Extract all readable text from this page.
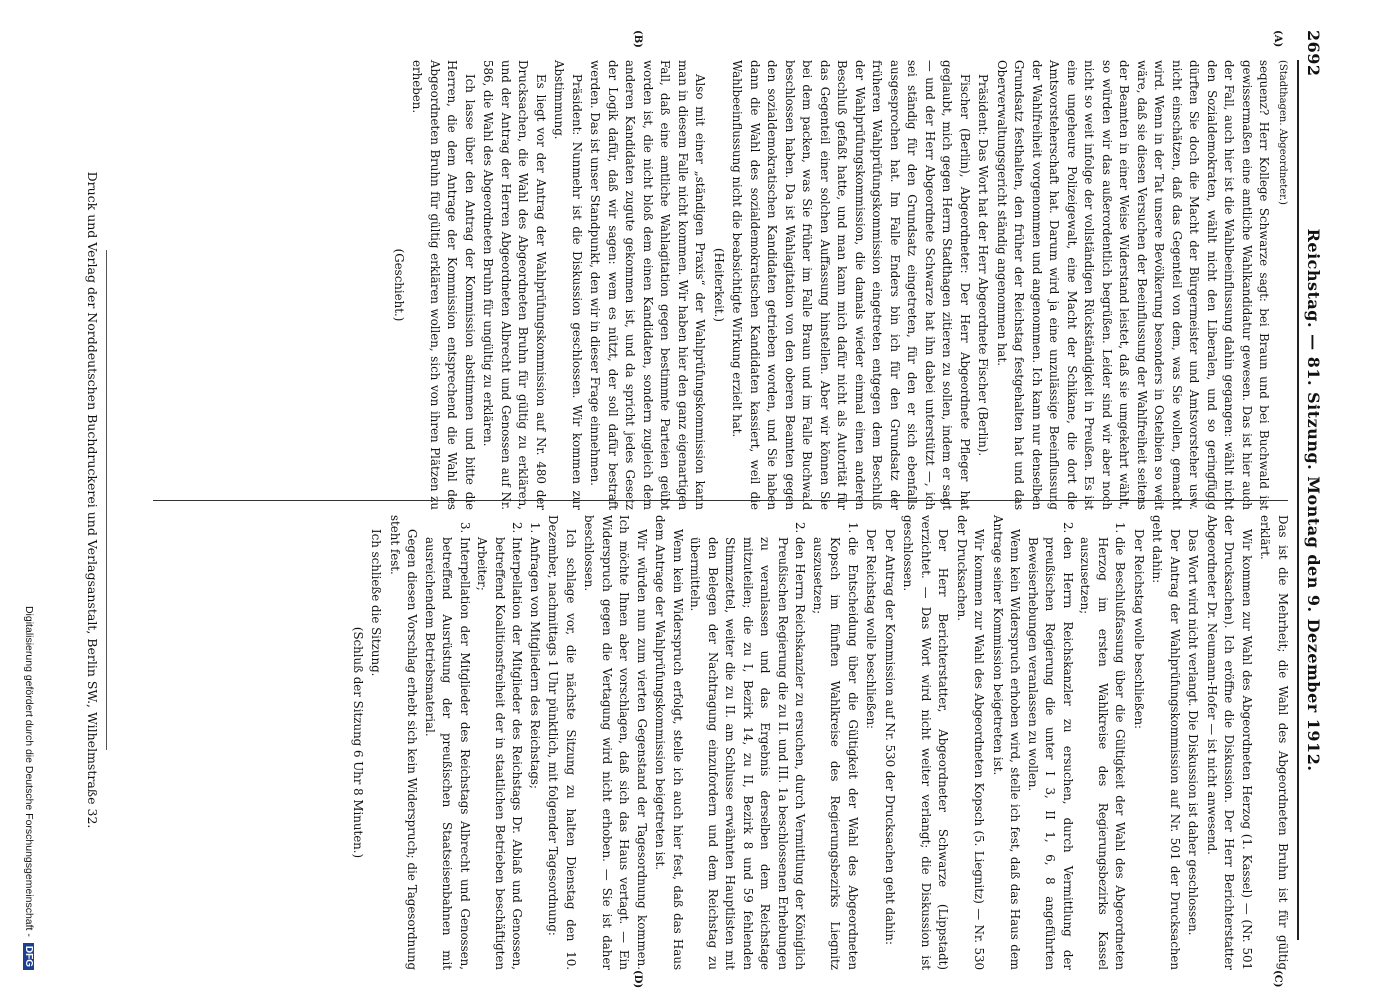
2692
Reichstag. — 81. Sitzung. Montag den 9. Dezember 1912.
(A)
(B)
(C)
(D)

(Stadthagen. Abgeordneter.)

sequenz? Herr Kollege Schwarze sagt: bei Braun und bei Buchwald ist gewissermaßen eine amtliche Wahlkandidatur gewesen. Das ist hier auch der Fall, auch hier ist die Wahlbeeinflussung dahin gegangen: wählt nicht den Sozialdemokraten, wählt nicht den Liberalen, und so geringfügig dürften Sie doch die Macht der Bürgermeister und Amtsvorsteher usw. nicht einschätzen, daß das Gegenteil von dem, was Sie wollen, gemacht wird. Wenn in der Tat unsere Bevölkerung besonders in Ostelbien so weit wäre, daß sie diesen Versuchen der Beeinflussung der Wahlfreiheit seitens der Beamten in einer Weise Widerstand leistet, daß sie umgekehrt wählt, so würden wir das außerordentlich begrüßen. Leider sind wir aber noch nicht so weit infolge der vollständigen Rückständigkeit in Preußen. Es ist eine ungeheure Polizeigewalt, eine Macht der Schikane, die dort die Amtsvorsteherschaft hat. Darum wird ja eine unzulässige Beeinflussung der Wahlfreiheit vorgenommen und angenommen. Ich kann nur denselben Grundsatz festhalten, den früher der Reichstag festgehalten hat und das Oberverwaltungsgericht ständig angenommen hat.

Präsident: Das Wort hat der Herr Abgeordnete Fischer (Berlin).

Fischer (Berlin), Abgeordneter: Der Herr Abgeordnete Pfleger hat geglaubt, mich gegen Herrn Stadthagen zitieren zu sollen, indem er sagt — und der Herr Abgeordnete Schwarze hat ihn dabei unterstützt —, ich sei ständig für den Grundsatz eingetreten, für den er sich ebenfalls ausgesprochen hat. Im Falle Enders bin ich für den Grundsatz der früheren Wahlprüfungskommission eingetreten entgegen dem Beschluß der Wahlprüfungskommission, die damals wieder einmal einen anderen Beschluß gefaßt hatte, und man kann mich dafür nicht als Autorität für das Gegenteil einer solchen Auffassung hinstellen. Aber wir können Sie bei dem packen, was Sie früher im Falle Braun und im Falle Buchwald beschlossen haben. Da ist Wahlagitation von den oberen Beamten gegen den sozialdemokratischen Kandidaten getrieben worden, und Sie haben dann die Wahl des sozialdemokratischen Kandidaten kassiert, weil die Wahlbeeinflussung nicht die beabsichtigte Wirkung erzielt hat.

(Heiterkeit.)

Also mit einer „ständigen Praxis“ der Wahlprüfungskommission kann man in diesem Falle nicht kommen. Wir haben hier den ganz eigenartigen Fall, daß eine amtliche Wahlagitation gegen bestimmte Parteien geübt worden ist, die nicht bloß dem einen Kandidaten, sondern zugleich dem anderen Kandidaten zugute gekommen ist, und da spricht jedes Gesetz der Logik dafür, daß wir sagen: wem es nützt, der soll dafür bestraft werden. Das ist unser Standpunkt, den wir in dieser Frage einnehmen.

Präsident: Nunmehr ist die Diskussion geschlossen. Wir kommen zur Abstimmung.

Es liegt vor der Antrag der Wahlprüfungskommission auf Nr. 480 der Drucksachen, die Wahl des Abgeordneten Bruhn für gültig zu erklären, und der Antrag der Herren Abgeordneten Albrecht und Genossen auf Nr. 586, die Wahl des Abgeordneten Bruhn für ungültig zu erklären.

Ich lasse über den Antrag der Kommission abstimmen und bitte die Herren, die dem Antrage der Kommission entsprechend die Wahl des Abgeordneten Bruhn für gültig erklären wollen, sich von ihren Plätzen zu erheben.

(Geschieht.)

Das ist die Mehrheit; die Wahl des Abgeordneten Bruhn ist für gültig erklärt.

Wir kommen zur Wahl des Abgeordneten Herzog (1. Kassel) — (Nr. 501 der Drucksachen). Ich eröffne die Diskussion. Der Herr Berichterstatter Abgeordneter Dr. Neumann-Hofer — ist nicht anwesend.

Das Wort wird nicht verlangt. Die Diskussion ist daher geschlossen.

Der Antrag der Wahlprüfungskommission auf Nr. 501 der Drucksachen geht dahin:

Der Reichstag wolle beschließen:

1. die Beschlußfassung über die Gültigkeit der Wahl des Abgeordneten Herzog im ersten Wahlkreise des Regierungsbezirks Kassel auszusetzen;
2. den Herrn Reichskanzler zu ersuchen, durch Vermittlung der preußischen Regierung die unter I 3, II 1, 6, 8 angeführten Beweiserhebungen veranlassen zu wollen.

Wenn kein Widerspruch erhoben wird, stelle ich fest, daß das Haus dem Antrage seiner Kommission beigetreten ist.

Wir kommen zur Wahl des Abgeordneten Kopsch (5. Liegnitz) — Nr. 530 der Drucksachen.

Der Herr Berichterstatter, Abgeordneter Schwarze (Lippstadt) verzichtet. — Das Wort wird nicht weiter verlangt; die Diskussion ist geschlossen.

Der Antrag der Kommission auf Nr. 530 der Drucksachen geht dahin:

Der Reichstag wolle beschließen:

1. die Entscheidung über die Gültigkeit der Wahl des Abgeordneten Kopsch im fünften Wahlkreise des Regierungsbezirks Liegnitz auszusetzen;
2. den Herrn Reichskanzler zu ersuchen, durch Vermittlung der Königlich Preußischen Regierung die zu II. und III. 1a beschlossenen Erhebungen zu veranlassen und das Ergebnis derselben dem Reichstage mitzuteilen; die zu I, Bezirk 14, zu II, Bezirk 8 und 59 fehlenden Stimmzettel, weiter die zu II. am Schlusse erwähnten Hauptlisten mit den Belegen der Nachtragung einzufordern und dem Reichstag zu übermitteln.

Wenn kein Widerspruch erfolgt, stelle ich auch hier fest, daß das Haus dem Antrage der Wahlprüfungskommission beigetreten ist.

Wir würden nun zum vierten Gegenstand der Tagesordnung kommen. Ich möchte Ihnen aber vorschlagen, daß sich das Haus vertagt. — Ein Widerspruch gegen die Vertagung wird nicht erhoben. — Sie ist daher beschlossen.

Ich schlage vor, die nächste Sitzung zu halten Dienstag den 10. Dezember, nachmittags 1 Uhr pünktlich, mit folgender Tagesordnung:

1. Anfragen von Mitgliedern des Reichstags;
2. Interpellation der Mitglieder des Reichstags Dr. Ablaß und Genossen, betreffend Koalitionsfreiheit der in staatlichen Betrieben beschäftigten Arbeiter;
3. Interpellation der Mitglieder des Reichstags Albrecht und Genossen, betreffend Ausrüstung der preußischen Staatseisenbahnen mit ausreichendem Betriebsmaterial.

Gegen diesen Vorschlag erhebt sich kein Widerspruch; die Tagesordnung steht fest.

Ich schließe die Sitzung.

(Schluß der Sitzung 6 Uhr 8 Minuten.)

Druck und Verlag der Norddeutschen Buchdruckerei und Verlagsanstalt, Berlin SW., Wilhelmstraße 32.
Digitalisierung gefördert durch die Deutsche Forschungsgemeinschaft -DFG
